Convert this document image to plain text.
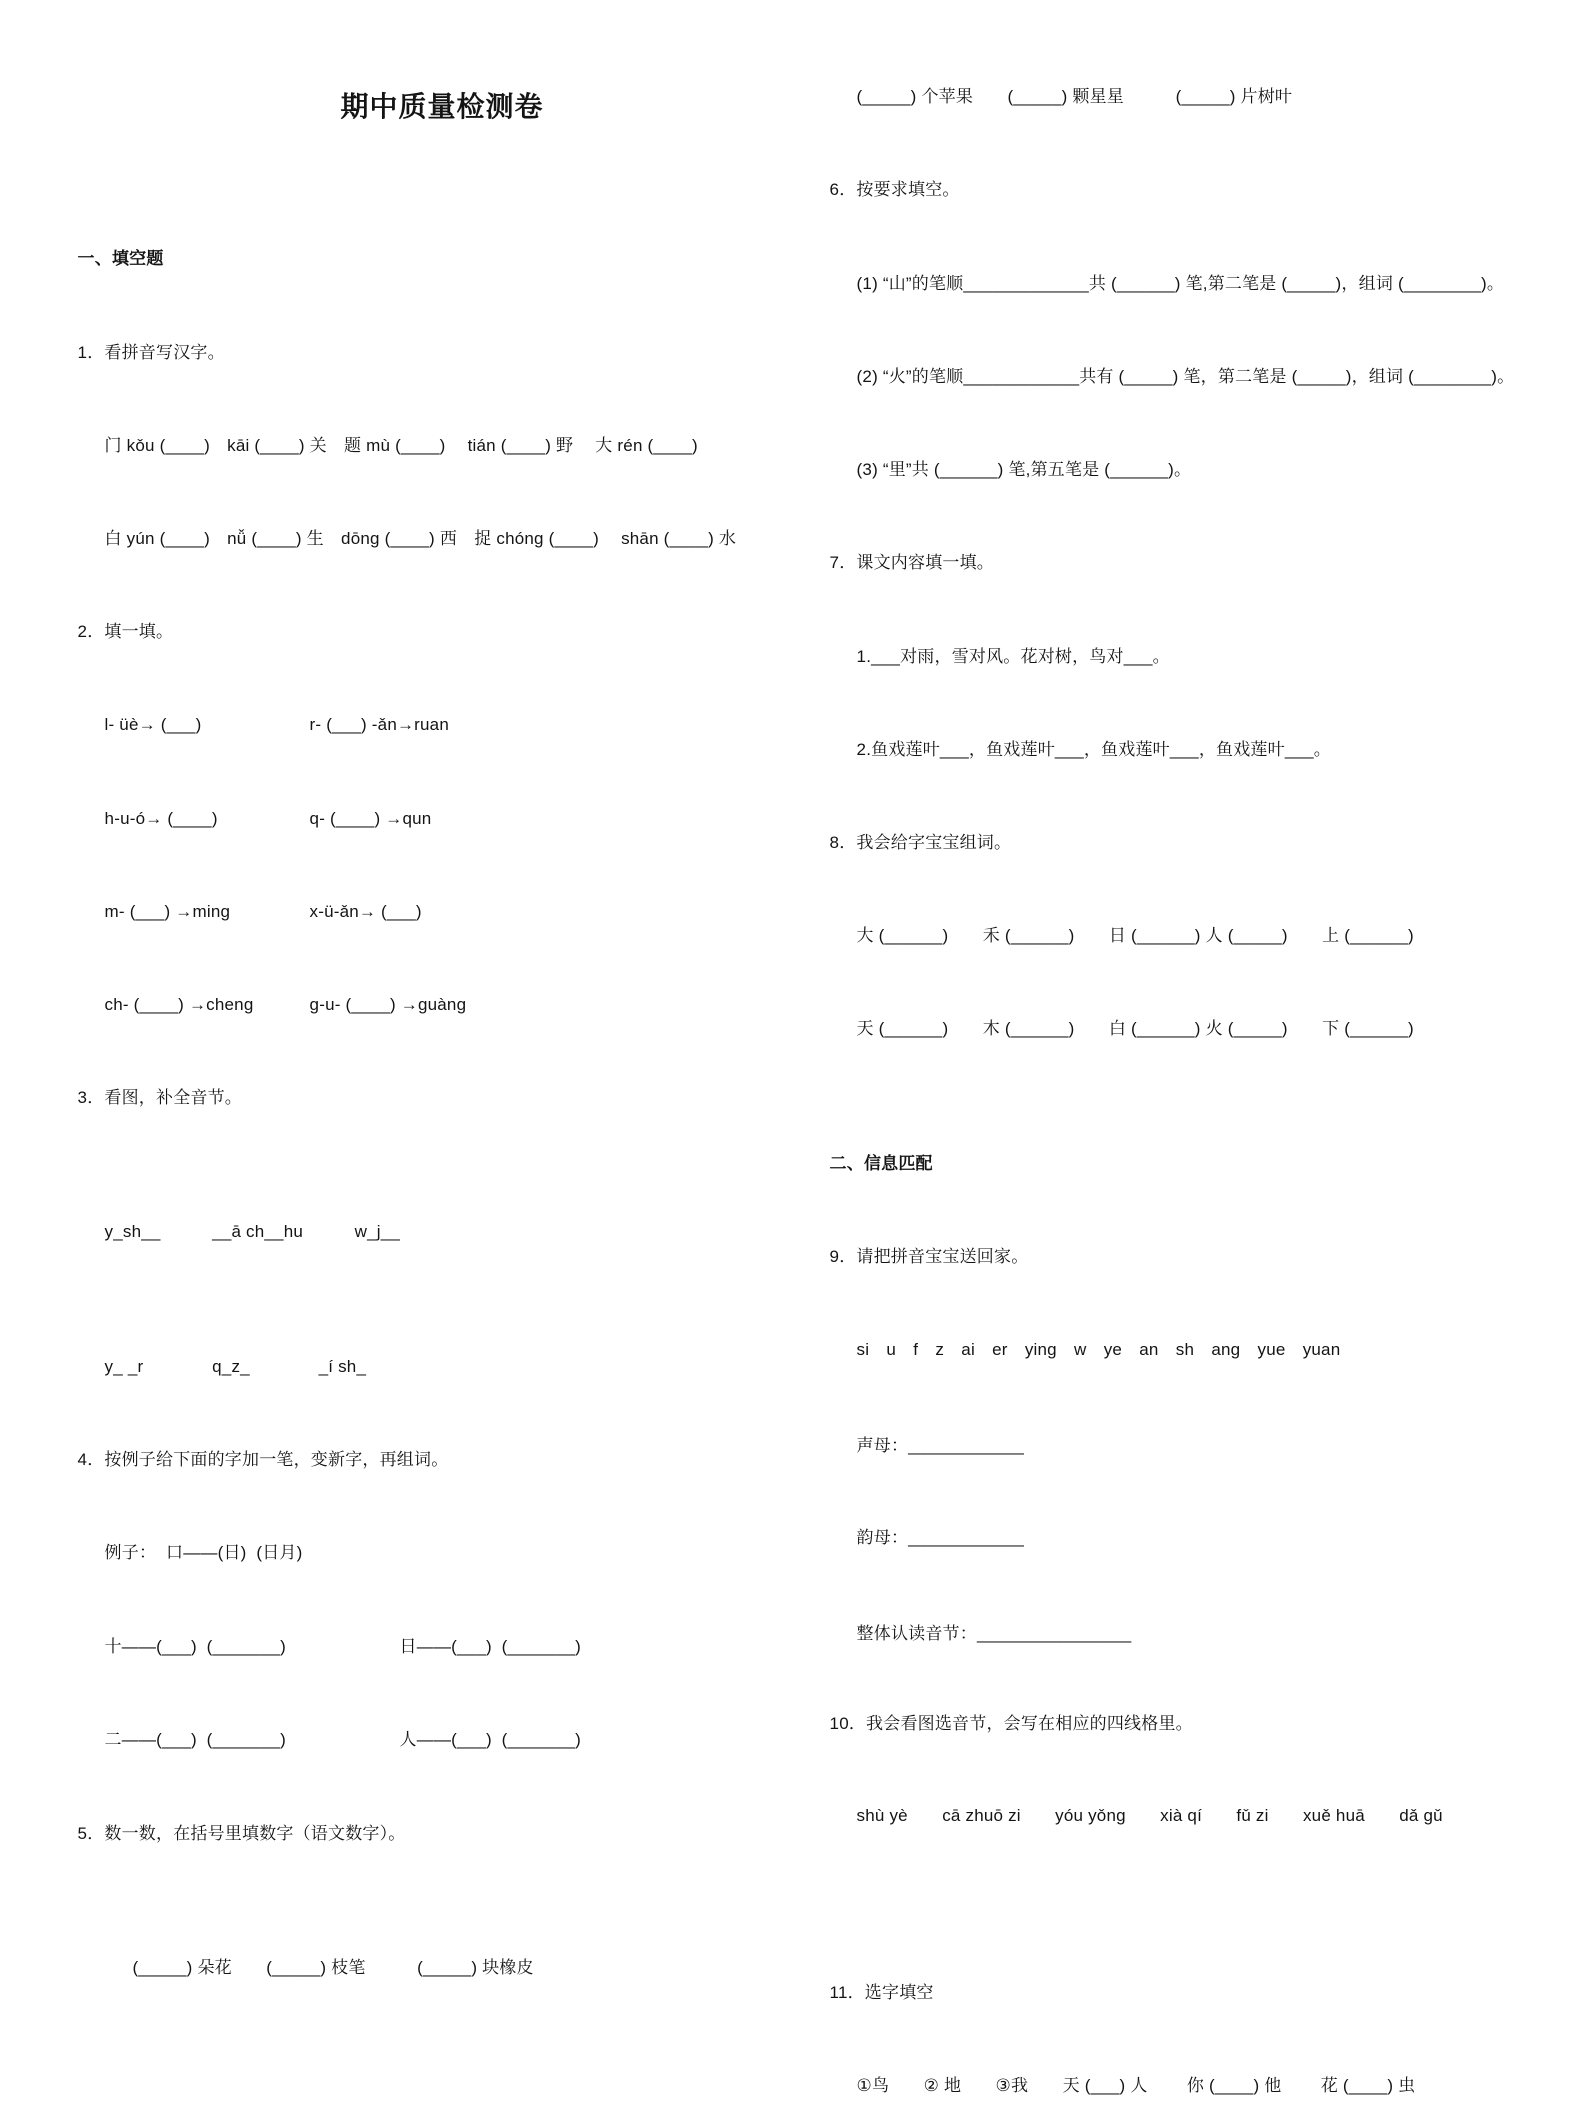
期中质量检测卷

一、填空题

1．看拼音写汉字。

门 kǒu (____)　kāi (____) 关　题 mù (____)　 tián (____) 野　 大 rén (____)

白 yún (____)　nǚ (____) 生　dōng (____) 西　捉 chóng (____)　 shān (____) 水

2．填一填。

l- üè→ (___)	r- (___) -ǎn→ruan

h-u-ó→ (____)	q- (____) →qun

m- (___) →ming	x-ü-ǎn→ (___)

ch- (____) →cheng	g-u- (____) →guàng

3．看图，补全音节。

y_sh__　　　__ā ch__hu　　　w_j__

y_ _r　　　　q_z_　　　　_í sh_

4．按例子给下面的字加一笔，变新字，再组词。

例子：  口——(日)  (日月)

十——(___)  (_______)	日——(___)  (_______)

二——(___)  (_______)	人——(___)  (_______)

5．数一数，在括号里填数字（语文数字）。

(_____) 朵花　　(_____) 枝笔　　　(_____) 块橡皮

(_____) 个苹果　　(_____) 颗星星　　　(_____) 片树叶

6．按要求填空。

(1) “山”的笔顺_____________共 (______) 笔,第二笔是 (_____)，组词 (________)。

(2) “火”的笔顺____________共有 (_____) 笔，第二笔是 (_____)，组词 (________)。

(3) “里”共 (______) 笔,第五笔是 (______)。

7．课文内容填一填。

1.___对雨，雪对风。花对树，鸟对___。

2.鱼戏莲叶___，鱼戏莲叶___，鱼戏莲叶___，鱼戏莲叶___。

8．我会给字宝宝组词。

大 (______)　　禾 (______)　　日 (______) 人 (_____)　　上 (______)

天 (______)　　木 (______)　　白 (______) 火 (_____)　　下 (______)

二、信息匹配

9．请把拼音宝宝送回家。

si　u　f　z　ai　er　ying　w　ye　an　sh　ang　yue　yuan

声母：____________

韵母：____________

整体认读音节：________________

10．我会看图选音节，会写在相应的四线格里。

shù yè　　cā zhuō zi　　yóu yǒng　　xià qí　　fǔ zi　　xuě huā　　dǎ gǔ

11．选字填空

①鸟　　② 地　　③我　　天 (___) 人　　 你 (____) 他　　 花 (____) 虫
